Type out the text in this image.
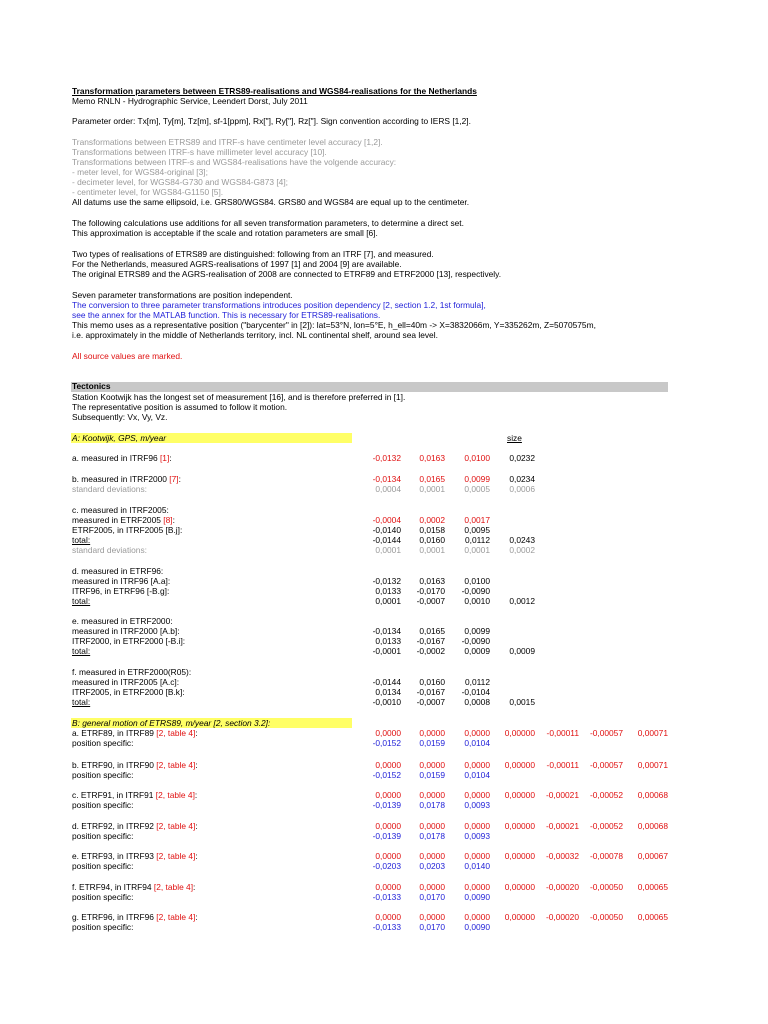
Transformation parameters between ETRS89-realisations and WGS84-realisations for the Netherlands
Memo RNLN - Hydrographic Service, Leendert Dorst, July 2011
Parameter order: Tx[m], Ty[m], Tz[m], sf-1[ppm], Rx["], Ry["], Rz["]. Sign convention according to IERS [1,2].
Transformations between ETRS89 and ITRF-s have centimeter level accuracy [1,2].
Transformations between ITRF-s have millimeter level accuracy [10].
Transformations between ITRF-s and WGS84-realisations have the volgende accuracy:
- meter level, for WGS84-original [3];
- decimeter level, for WGS84-G730 and WGS84-G873 [4];
- centimeter level, for WGS84-G1150 [5].
All datums use the same ellipsoid, i.e. GRS80/WGS84. GRS80 and WGS84 are equal up to the centimeter.
The following calculations use additions for all seven transformation parameters, to determine a direct set.
This approximation is acceptable if the scale and rotation parameters are small [6].
Two types of realisations of ETRS89 are distinguished: following from an ITRF [7], and measured.
For the Netherlands, measured AGRS-realisations of 1997 [1] and 2004 [9] are available.
The original ETRS89 and the AGRS-realisation of 2008 are connected to ETRF89 and ETRF2000 [13], respectively.
Seven parameter transformations are position independent.
The conversion to three parameter transformations introduces position dependency [2, section 1.2, 1st formula],
see the annex for the MATLAB function. This is necessary for ETRS89-realisations.
This memo uses as a representative position ("barycenter" in [2]): lat=53°N, lon=5°E, h_ell=40m -> X=3832066m, Y=335262m, Z=5070575m,
i.e. approximately in the middle of Netherlands territory, incl. NL continental shelf, around sea level.
All source values are marked.
Tectonics
Station Kootwijk has the longest set of measurement [16], and is therefore preferred in [1].
The representative position is assumed to follow it motion.
Subsequently: Vx, Vy, Vz.
A: Kootwijk, GPS, m/year	size
a. measured in ITRF96 [1]:	-0,0132 0,0163 0,0100 0,0232
b. measured in ITRF2000 [7]:	-0,0134 0,0165 0,0099 0,0234
standard deviations:	0,0004 0,0001 0,0005 0,0006
c. measured in ITRF2005:
measured in ETRF2005 [8]:	-0,0004 0,0002 0,0017
ETRF2005, in ITRF2005 [B.j]:	-0,0140 0,0158 0,0095
total:	-0,0144 0,0160 0,0112 0,0243
standard deviations:	0,0001 0,0001 0,0001 0,0002
d. measured in ETRF96:
measured in ITRF96 [A.a]:	-0,0132 0,0163 0,0100
ITRF96, in ETRF96 [-B.g]:	0,0133 -0,0170 -0,0090
total:	0,0001 -0,0007 0,0010 0,0012
e. measured in ETRF2000:
measured in ITRF2000 [A.b]:	-0,0134 0,0165 0,0099
ITRF2000, in ETRF2000 [-B.i]:	0,0133 -0,0167 -0,0090
total:	-0,0001 -0,0002 0,0009 0,0009
f. measured in ETRF2000(R05):
measured in ITRF2005 [A.c]:	-0,0144 0,0160 0,0112
ITRF2005, in ETRF2000 [B.k]:	0,0134 -0,0167 -0,0104
total:	-0,0010 -0,0007 0,0008 0,0015
B: general motion of ETRS89, m/year [2, section 3.2]:
a. ETRF89, in ITRF89 [2, table 4]:	0,0000 0,0000 0,0000 0,00000 -0,00011 -0,00057 0,00071
position specific:	-0,0152 0,0159 0,0104
b. ETRF90, in ITRF90 [2, table 4]:	0,0000 0,0000 0,0000 0,00000 -0,00011 -0,00057 0,00071
position specific:	-0,0152 0,0159 0,0104
c. ETRF91, in ITRF91 [2, table 4]:	0,0000 0,0000 0,0000 0,00000 -0,00021 -0,00052 0,00068
position specific:	-0,0139 0,0178 0,0093
d. ETRF92, in ITRF92 [2, table 4]:	0,0000 0,0000 0,0000 0,00000 -0,00021 -0,00052 0,00068
position specific:	-0,0139 0,0178 0,0093
e. ETRF93, in ITRF93 [2, table 4]:	0,0000 0,0000 0,0000 0,00000 -0,00032 -0,00078 0,00067
position specific:	-0,0203 0,0203 0,0140
f. ETRF94, in ITRF94 [2, table 4]:	0,0000 0,0000 0,0000 0,00000 -0,00020 -0,00050 0,00065
position specific:	-0,0133 0,0170 0,0090
g. ETRF96, in ITRF96 [2, table 4]:	0,0000 0,0000 0,0000 0,00000 -0,00020 -0,00050 0,00065
position specific:	-0,0133 0,0170 0,0090
